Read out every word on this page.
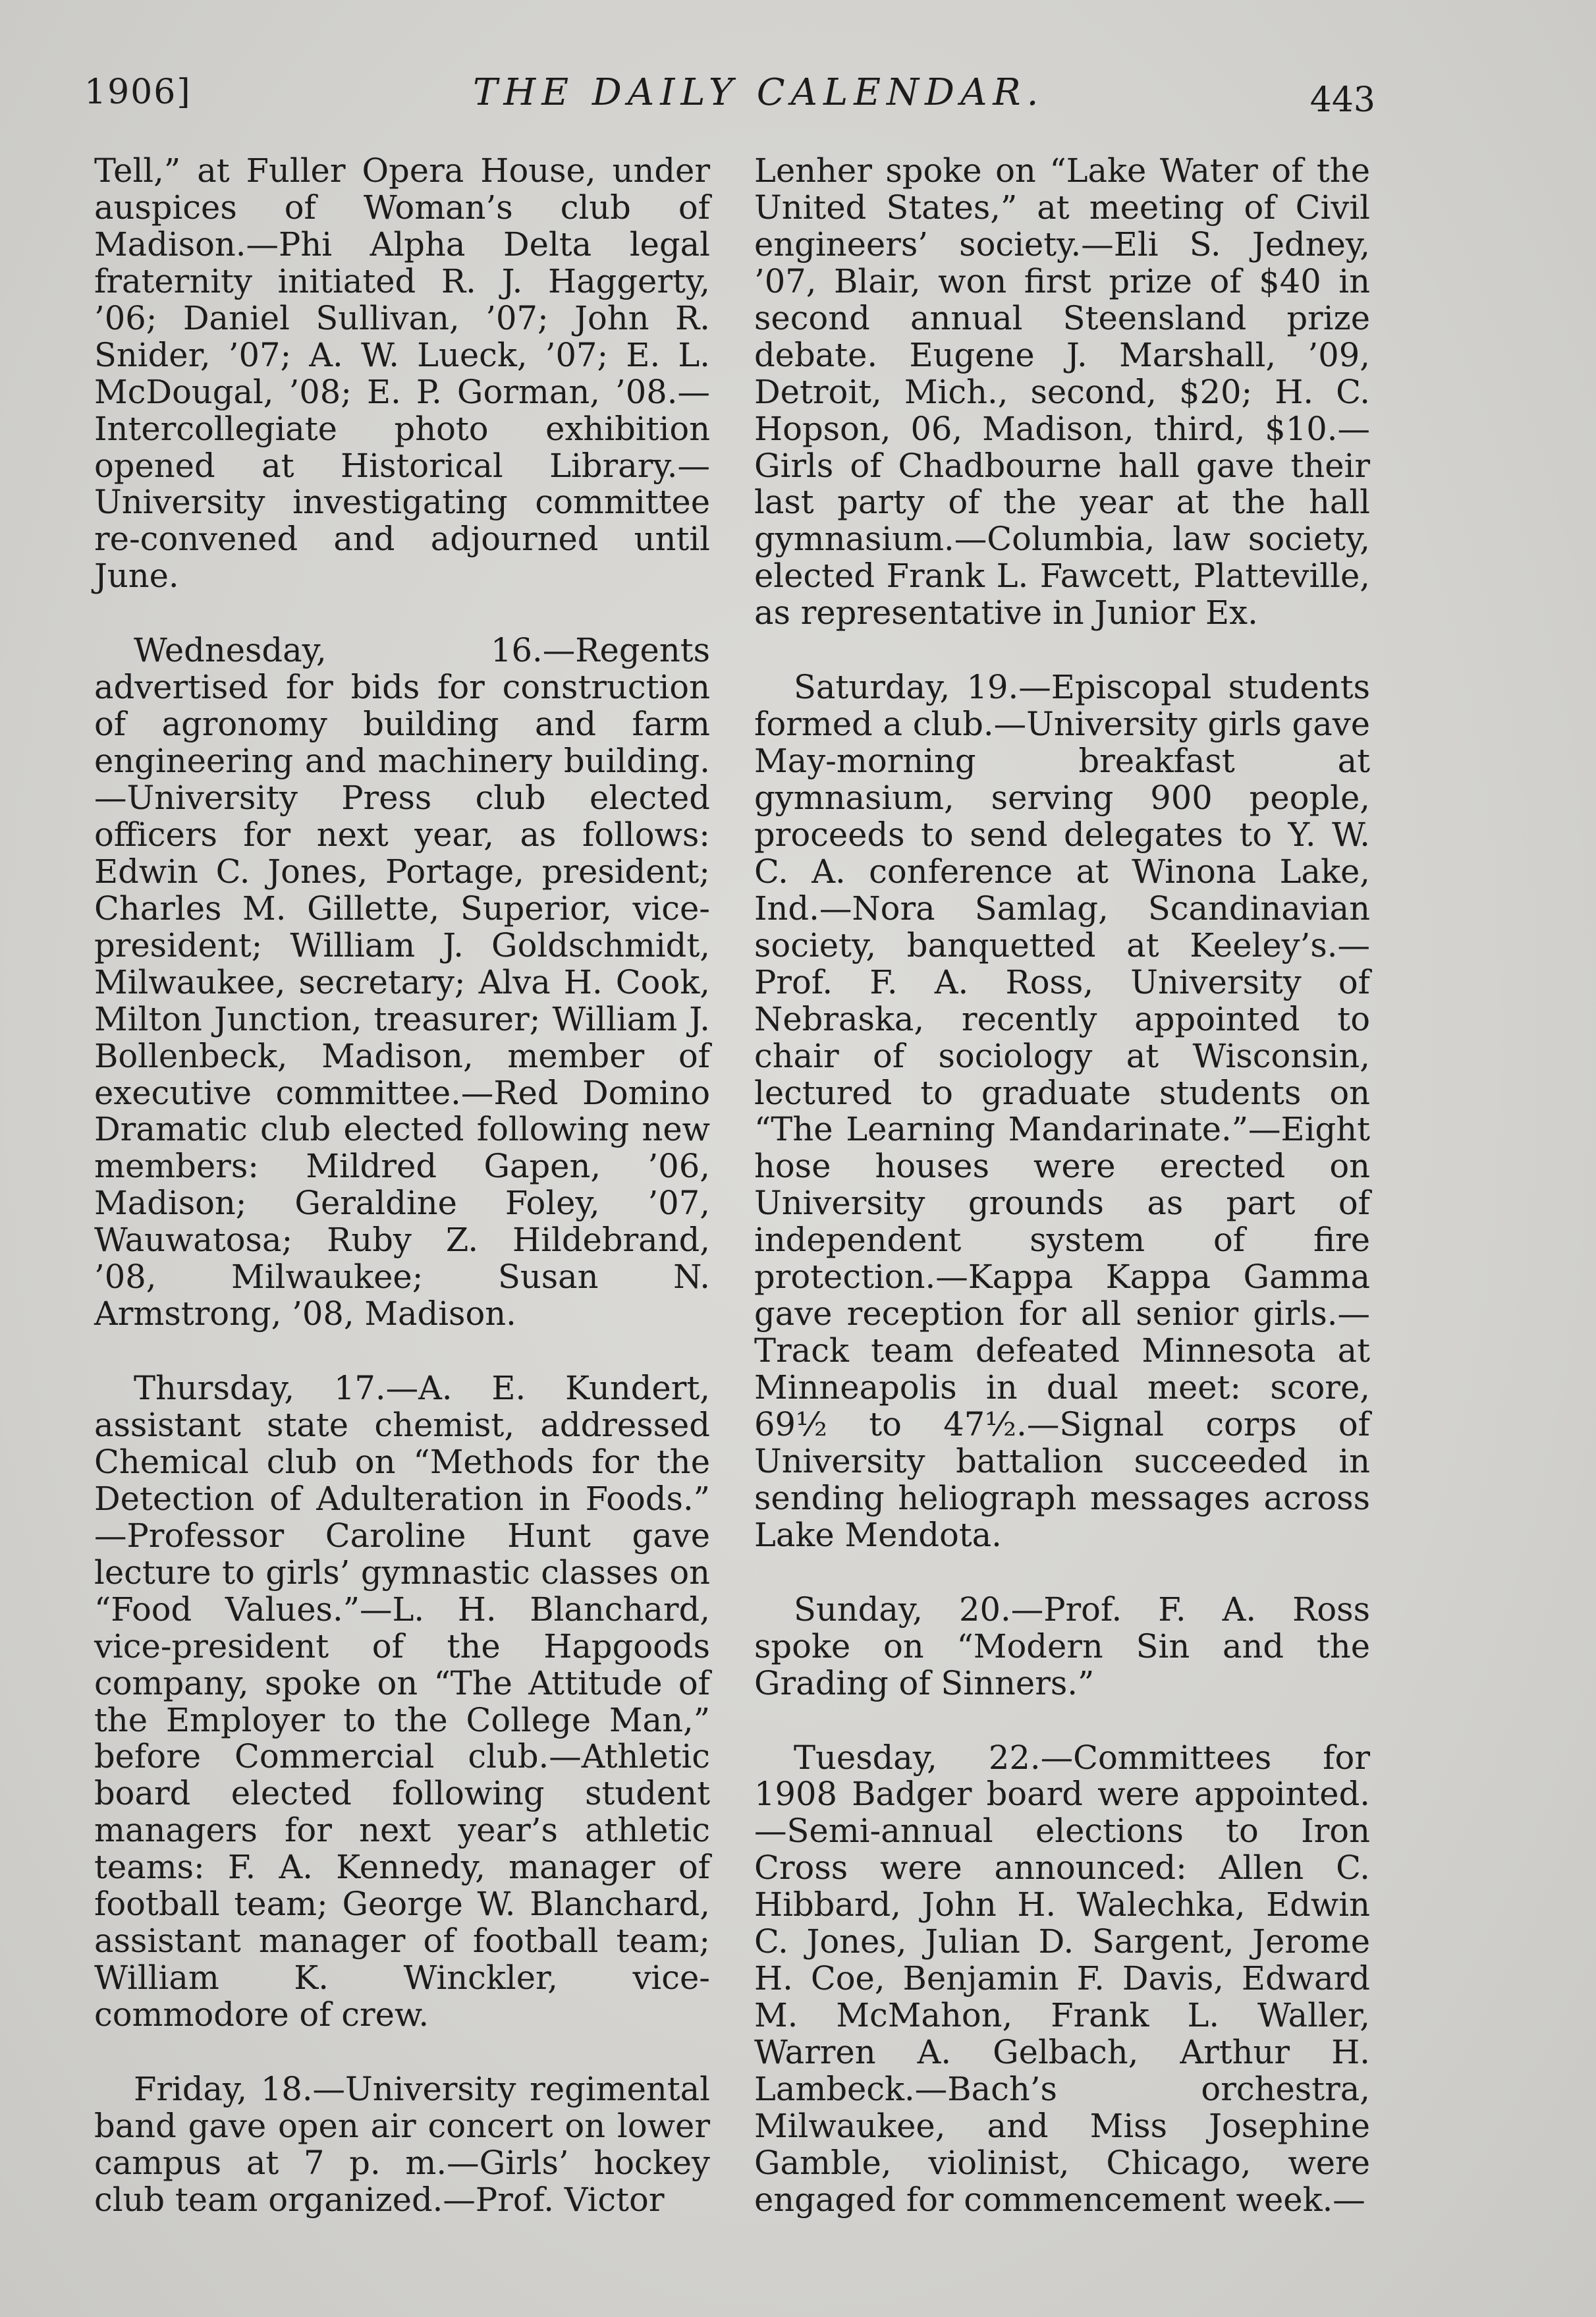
1906]	THE DAILY CALENDAR.	443

Tell,” at Fuller Opera House, under auspices of Woman’s club of Madison.—Phi Alpha Delta legal fraternity initiated R. J. Haggerty, ’06; Daniel Sullivan, ’07; John R. Snider, ’07; A. W. Lueck, ’07; E. L. McDougal, ’08; E. P. Gorman, ’08.—Intercollegiate photo exhibition opened at Historical Library.—University investigating committee re-convened and adjourned until June.

Wednesday, 16.—Regents advertised for bids for construction of agronomy building and farm engineering and machinery building.—University Press club elected officers for next year, as follows: Edwin C. Jones, Portage, president; Charles M. Gillette, Superior, vice-president; William J. Goldschmidt, Milwaukee, secretary; Alva H. Cook, Milton Junction, treasurer; William J. Bollenbeck, Madison, member of executive committee.—Red Domino Dramatic club elected following new members: Mildred Gapen, ’06, Madison; Geraldine Foley, ’07, Wauwatosa; Ruby Z. Hildebrand, ’08, Milwaukee; Susan N. Armstrong, ’08, Madison.

Thursday, 17.—A. E. Kundert, assistant state chemist, addressed Chemical club on “Methods for the Detection of Adulteration in Foods.” —Professor Caroline Hunt gave lecture to girls’ gymnastic classes on “Food Values.”—L. H. Blanchard, vice-president of the Hapgoods company, spoke on “The Attitude of the Employer to the College Man,” before Commercial club.—Athletic board elected following student managers for next year’s athletic teams: F. A. Kennedy, manager of football team; George W. Blanchard, assistant manager of football team; William K. Winckler, vice-commodore of crew.

Friday, 18.—University regimental band gave open air concert on lower campus at 7 p. m.—Girls’ hockey club team organized.—Prof. Victor

Lenher spoke on “Lake Water of the United States,” at meeting of Civil engineers’ society.—Eli S. Jedney, ’07, Blair, won first prize of $40 in second annual Steensland prize debate. Eugene J. Marshall, ’09, Detroit, Mich., second, $20; H. C. Hopson, 06, Madison, third, $10.—Girls of Chadbourne hall gave their last party of the year at the hall gymnasium.—Columbia, law society, elected Frank L. Fawcett, Platteville, as representative in Junior Ex.

Saturday, 19.—Episcopal students formed a club.—University girls gave May-morning breakfast at gymnasium, serving 900 people, proceeds to send delegates to Y. W. C. A. conference at Winona Lake, Ind.—Nora Samlag, Scandinavian society, banquetted at Keeley’s.—Prof. F. A. Ross, University of Nebraska, recently appointed to chair of sociology at Wisconsin, lectured to graduate students on “The Learning Mandarinate.”—Eight hose houses were erected on University grounds as part of independent system of fire protection.—Kappa Kappa Gamma gave reception for all senior girls.—Track team defeated Minnesota at Minneapolis in dual meet: score, 69½ to 47½.—Signal corps of University battalion succeeded in sending heliograph messages across Lake Mendota.

Sunday, 20.—Prof. F. A. Ross spoke on “Modern Sin and the Grading of Sinners.”

Tuesday, 22.—Committees for 1908 Badger board were appointed. —Semi-annual elections to Iron Cross were announced: Allen C. Hibbard, John H. Walechka, Edwin C. Jones, Julian D. Sargent, Jerome H. Coe, Benjamin F. Davis, Edward M. McMahon, Frank L. Waller, Warren A. Gelbach, Arthur H. Lambeck.—Bach’s orchestra, Milwaukee, and Miss Josephine Gamble, violinist, Chicago, were engaged for commencement week.—
